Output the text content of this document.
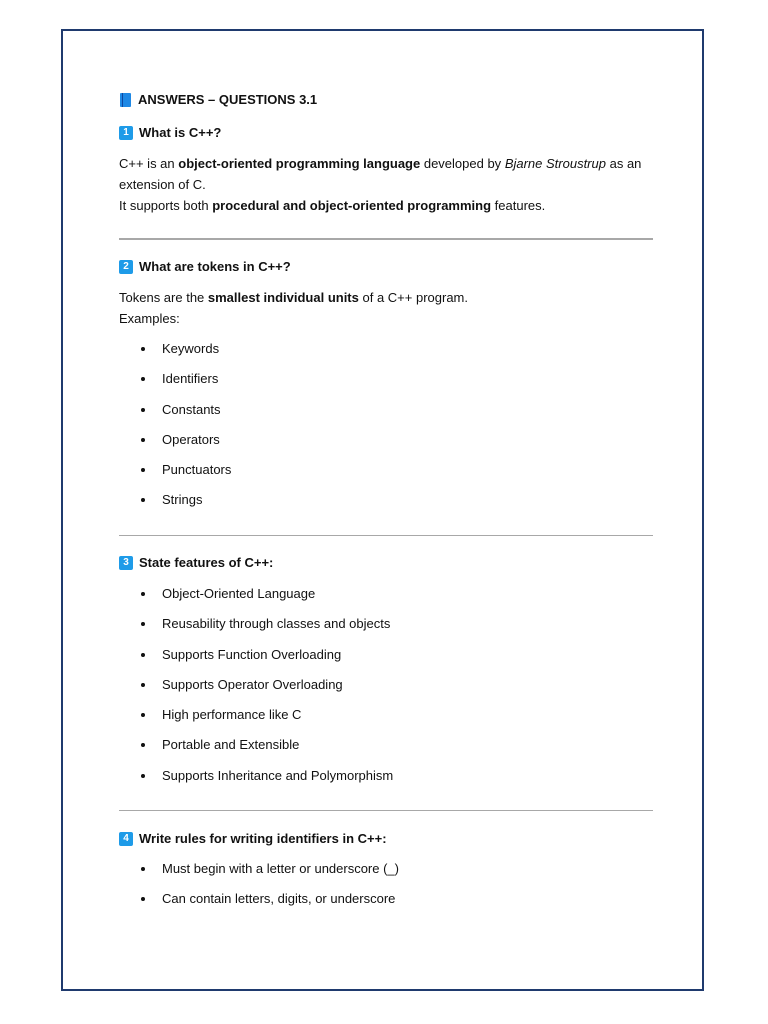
ANSWERS – QUESTIONS 3.1
1 What is C++?

C++ is an object-oriented programming language developed by Bjarne Stroustrup as an extension of C.

It supports both procedural and object-oriented programming features.

2 What are tokens in C++?

Tokens are the smallest individual units of a C++ program.

Examples:

Keywords
Identifiers
Constants
Operators
Punctuators
Strings
3 State features of C++:
Object-Oriented Language
Reusability through classes and objects
Supports Function Overloading
Supports Operator Overloading
High performance like C
Portable and Extensible
Supports Inheritance and Polymorphism
4 Write rules for writing identifiers in C++:
Must begin with a letter or underscore (_)
Can contain letters, digits, or underscore
